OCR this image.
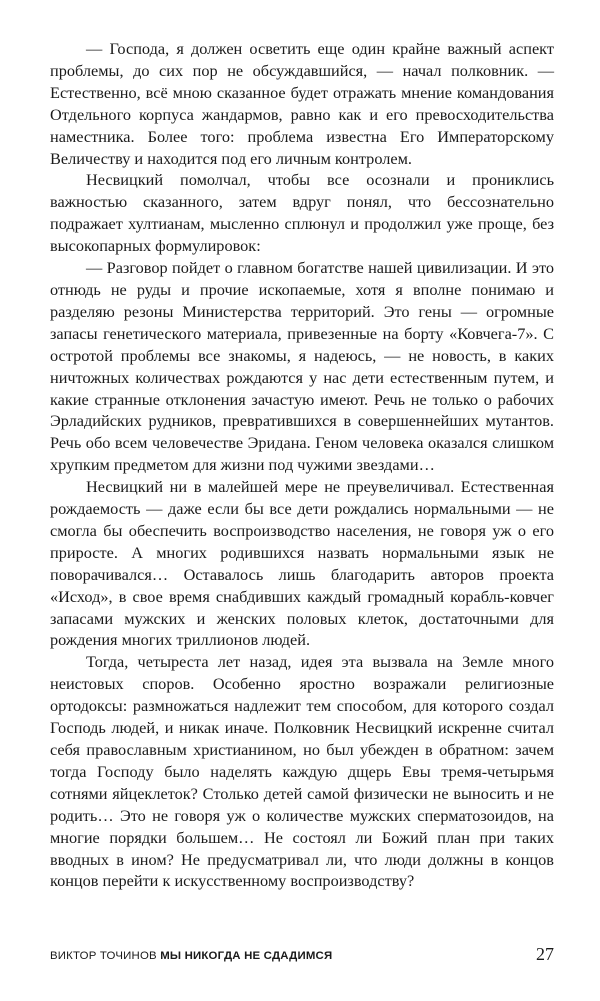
— Господа, я должен осветить еще один крайне важный аспект проблемы, до сих пор не обсуждавшийся, — начал полковник. — Естественно, всё мною сказанное будет отражать мнение командования Отдельного корпуса жандармов, равно как и его превосходительства наместника. Более того: проблема известна Его Императорскому Величеству и находится под его личным контролем.

Несвицкий помолчал, чтобы все осознали и прониклись важностью сказанного, затем вдруг понял, что бессознательно подражает хултианам, мысленно сплюнул и продолжил уже проще, без высокопарных формулировок:

— Разговор пойдет о главном богатстве нашей цивилизации. И это отнюдь не руды и прочие ископаемые, хотя я вполне понимаю и разделяю резоны Министерства территорий. Это гены — огромные запасы генетического материала, привезенные на борту «Ковчега-7». С остротой проблемы все знакомы, я надеюсь, — не новость, в каких ничтожных количествах рождаются у нас дети естественным путем, и какие странные отклонения зачастую имеют. Речь не только о рабочих Эрладийских рудников, превратившихся в совершеннейших мутантов. Речь обо всем человечестве Эридана. Геном человека оказался слишком хрупким предметом для жизни под чужими звездами…

Несвицкий ни в малейшей мере не преувеличивал. Естественная рождаемость — даже если бы все дети рождались нормальными — не смогла бы обеспечить воспроизводство населения, не говоря уж о его приросте. А многих родившихся назвать нормальными язык не поворачивался… Оставалось лишь благодарить авторов проекта «Исход», в свое время снабдивших каждый громадный корабль-ковчег запасами мужских и женских половых клеток, достаточными для рождения многих триллионов людей.

Тогда, четыреста лет назад, идея эта вызвала на Земле много неистовых споров. Особенно яростно возражали религиозные ортодоксы: размножаться надлежит тем способом, для которого создал Господь людей, и никак иначе. Полковник Несвицкий искренне считал себя православным христианином, но был убежден в обратном: зачем тогда Господу было наделять каждую дщерь Евы тремя-четырьмя сотнями яйцеклеток? Столько детей самой физически не выносить и не родить… Это не говоря уж о количестве мужских сперматозоидов, на многие порядки большем… Не состоял ли Божий план при таких вводных в ином? Не предусматривал ли, что люди должны в концов концов перейти к искусственному воспроизводству?

ВИКТОР ТОЧИНОВ МЫ НИКОГДА НЕ СДАДИМСЯ	27
